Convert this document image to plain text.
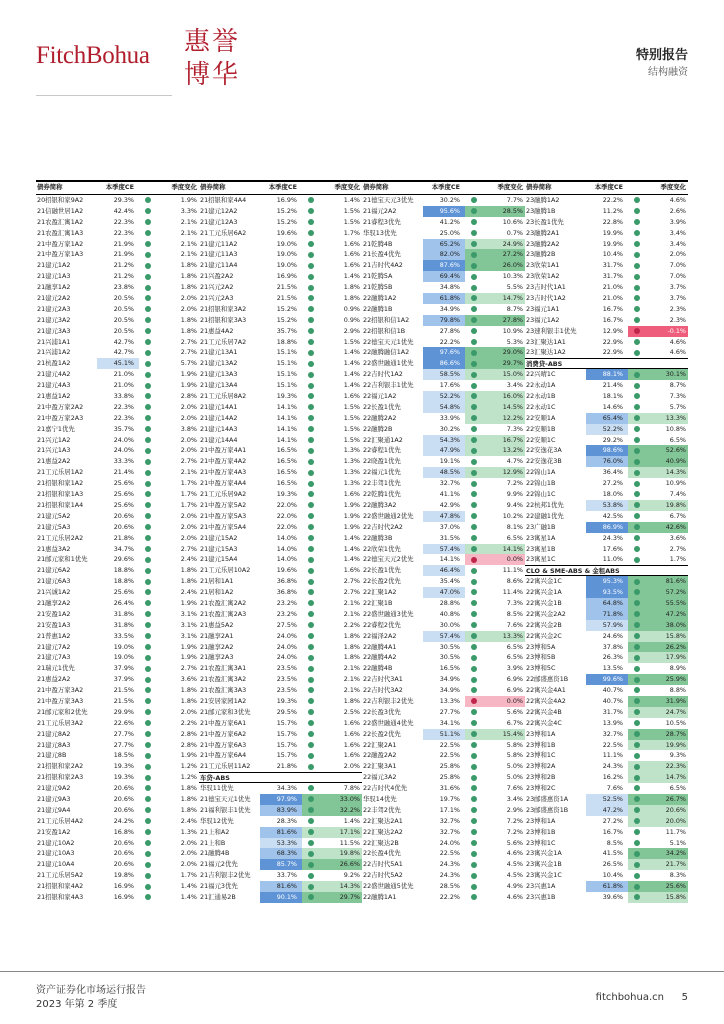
FitchBohua 惠誉
博华
特别报告
结构融资
债券简称	本季度CE	季度变化 债券简称	本季度CE	季度变化 债券简称	本季度CE	季度变化 债券简称	本季度CE	季度变化
20招银和家9A2	29.3%	1.9% 21招银和家4A4	16.9%	1.4% 21德宝天元3优先	30.2%	7.7% 23融腾1A2	22.2%	4.6%
21信融世居1A2	42.4%	3.3% 21建元12A2	15.2%	1.5% 21福元2A2	95.6%	28.5% 23融腾1B	11.2%	2.6%
21农盈汇寓1A2	22.3%	2.1% 21建元12A3	15.2%	1.5% 21睿程3优先	41.2%	10.6% 23长盈1优先	22.8%	3.9%
21农盈汇寓1A3	22.3%	2.1% 21工元乐居6A2	19.6%	1.7% 华驭13优先	25.0%	0.7% 23融腾2A1	19.9%	3.4%
21中盈万家1A2	21.9%	2.1% 21建元11A2	19.0%	1.6% 21乾腾4B	65.2%	24.9% 23融腾2A2	19.9%	3.4%
21中盈万家1A3	21.9%	2.1% 21建元11A3	19.0%	1.6% 21长盈4优先	82.0%	27.2% 23融腾2B	10.4%	2.0%
21建元1A2	21.2%	1.8% 21建元11A4	19.0%	1.6% 21吉时代4A2	87.6%	26.0% 23欣荣1A1	31.7%	7.0%
21建元1A3	21.2%	1.8% 21兴盈2A2	16.9%	1.4% 21乾腾5A	69.4%	10.3% 23欣荣1A2	31.7%	7.0%
21融享1A2	23.8%	1.8% 21兴元2A2	21.5%	1.8% 21乾腾5B	34.8%	5.5% 23吉时代1A1	21.0%	3.7%
21建元2A2	20.5%	2.0% 21兴元2A3	21.5%	1.8% 22融腾1A2	61.8%	14.7% 23吉时代1A2	21.0%	3.7%
21建元2A3	20.5%	2.0% 21招银和家3A2	15.2%	0.9% 22融腾1B	34.9%	8.7% 23福元1A1	16.7%	2.3%
21建元3A2	20.5%	1.8% 21招银和家3A3	15.2%	0.9% 22招银和信1A2	79.8%	27.8% 23福元1A2	16.7%	2.3%
21建元3A3	20.5%	1.8% 21惠益4A2	35.7%	2.9% 22招银和信1B	27.8%	10.9% 23速利银丰1优先	12.9%	-0.1%
21兴浦1A1	42.7%	2.7% 21工元乐居7A2	18.8%	1.5% 22德宝天元1优先	22.2%	5.3% 23汇聚达1A1	22.9%	4.6%
21兴浦1A2	42.7%	2.7% 21建元13A1	15.1%	1.4% 22融腾融信1A2	97.6%	29.0% 23汇聚达1A2	22.9%	4.6%
21杭盈1A2	45.1%	5.7% 21建元13A2	15.1%	1.4% 22盛世融通1优先	86.6%	29.7% 消费贷-ABS
21建元4A2	21.0%	1.9% 21建元13A3	15.1%	1.4% 22吉时代1A2	58.5%	15.0% 22兴晴1C	88.1%	30.1%
21建元4A3	21.0%	1.9% 21建元13A4	15.1%	1.4% 22吉利银丰1优先	17.6%	3.4% 22永动1A	21.4%	8.7%
21惠益1A2	33.8%	2.8% 21工元乐居8A2	19.3%	1.6% 22福元1A2	52.2%	16.0% 22永动1B	18.1%	7.3%
21中盈万家2A2	22.3%	2.0% 21建元14A1	14.1%	1.5% 22长盈1优先	54.8%	14.5% 22永动1C	14.6%	5.7%
21中盈万家2A3	22.3%	2.0% 21建元14A2	14.1%	1.5% 22融腾2A2	33.9%	12.2% 22安顺1A	65.4%	13.3%
21嘉宁1优先	35.7%	3.8% 21建元14A3	14.1%	1.5% 22融腾2B	30.2%	7.3% 22安顺1B	52.2%	10.8%
21兴元1A2	24.0%	2.0% 21建元14A4	14.1%	1.5% 22汇聚通1A2	54.3%	16.7% 22安顺1C	29.2%	6.5%
21兴元1A3	24.0%	2.0% 21中盈万家4A1	16.5%	1.3% 22睿程1优先	47.9%	13.2% 22安逸花3A	98.6%	52.6%
21惠益2A2	33.3%	2.7% 21中盈万家4A2	16.5%	1.3% 22晓盈1优先	19.1%	4.7% 22安逸花3B	76.0%	40.9%
21工元乐居1A2	21.4%	2.1% 21中盈万家4A3	16.5%	1.3% 22福元1优先	48.5%	12.9% 22锦山1A	36.4%	14.3%
21招银和家1A2	25.6%	1.7% 21中盈万家4A4	16.5%	1.3% 22丰驾1优先	32.7%	7.2% 22锦山1B	27.2%	10.9%
21招银和家1A3	25.6%	1.7% 21工元乐居9A2	19.3%	1.6% 22乾腾1优先	41.1%	9.9% 22锦山1C	18.0%	7.4%
21招银和家1A4	25.6%	1.7% 21中盈万家5A2	22.0%	1.9% 22融腾3A2	42.9%	9.4% 22杭邦1优先	53.8%	19.8%
21建元5A2	20.6%	2.0% 21中盈万家5A3	22.0%	1.9% 22盛世融通2优先	47.8%	10.2% 22建融1优先	42.5%	6.7%
21建元5A3	20.6%	2.0% 21中盈万家5A4	22.0%	1.9% 22吉时代2A2	37.0%	8.1% 23广融1B	86.9%	42.6%
21工元乐居2A2	21.8%	2.0% 21建元15A2	14.0%	1.4% 22融腾3B	31.5%	6.5% 23寓星1A	24.3%	3.6%
21惠益3A2	34.7%	2.7% 21建元15A3	14.0%	1.4% 22欣荣1优先	57.4%	14.1% 23寓星1B	17.6%	2.7%
21邮元家和1优先	29.6%	2.4% 21建元15A4	14.0%	1.4% 22德宝天元2优先	14.1%	0.0% 23寓星1C	11.0%	1.7%
21建元6A2	18.8%	1.8% 21工元乐居10A2	19.6%	1.6% 22长盈1优先	46.4%	11.1% CLO & SME-ABS & 金租ABS
21建元6A3	18.8%	1.8% 21居和1A1	36.8%	2.7% 22长盈2优先	35.4%	8.6% 22寓兴金1C	95.3%	81.6%
21兴诚1A2	25.6%	2.4% 21居和1A2	36.8%	2.7% 22汇聚1A2	47.0%	11.4% 22寓兴金1A	93.5%	57.2%
21融享2A2	26.4%	1.9% 21农盈汇寓2A2	23.2%	2.1% 22汇聚1B	28.8%	7.3% 22寓兴金1B	64.8%	55.5%
21安盈1A2	31.8%	3.1% 21农盈汇寓2A3	23.2%	2.1% 22盛世融通3优先	40.8%	8.5% 22寓兴金2A2	71.8%	47.2%
21安盈1A3	31.8%	3.1% 21惠益5A2	27.5%	2.2% 22睿程2优先	30.0%	7.6% 22寓兴金2B	57.9%	38.0%
21普惠1A2	33.5%	3.1% 21融享2A1	24.0%	1.8% 22福泽2A2	57.4%	13.3% 22寓兴金2C	24.6%	15.8%
21建元7A2	19.0%	1.9% 21融享2A2	24.0%	1.8% 22融腾4A1	30.5%	6.5% 23博和5A	37.8%	26.2%
21建元7A3	19.0%	1.9% 21融享2A3	24.0%	1.8% 22融腾4A2	30.5%	6.5% 23博和5B	26.3%	17.9%
21瑞元1优先	37.9%	2.7% 21农盈汇寓3A1	23.5%	2.1% 22融腾4B	16.5%	3.9% 23博和5C	13.5%	8.9%
21惠益2A2	37.9%	3.6% 21农盈汇寓3A2	23.5%	2.1% 22吉时代3A1	34.9%	6.9% 22邮盛惠资1B	99.6%	25.9%
21中盈万家3A2	21.5%	1.8% 21农盈汇寓3A3	23.5%	2.1% 22吉时代3A2	34.9%	6.9% 22寓兴金4A1	40.7%	8.8%
21中盈万家3A3	21.5%	1.8% 21安居家园1A2	19.3%	1.8% 22吉利银丰2优先	13.3%	0.0% 22寓兴金4A2	40.7%	31.9%
21邮元家和2优先	29.9%	2.0% 21邮元家和3优先	29.5%	2.5% 22长盈3优先	27.7%	5.6% 22寓兴金4B	31.7%	24.7%
21工元乐居3A2	22.6%	2.2% 21中盈万家6A1	15.7%	1.6% 22盛世融通4优先	34.1%	6.7% 22寓兴金4C	13.9%	10.5%
21建元8A2	27.7%	2.8% 21中盈万家6A2	15.7%	1.6% 22长盈2优先	51.1%	15.4% 23博和1A	32.7%	28.7%
21建元8A3	27.7%	2.8% 21中盈万家6A3	15.7%	1.6% 22汇聚2A1	22.5%	5.8% 23博和1B	22.5%	19.9%
21建元8B	18.5%	1.9% 21中盈万家6A4	15.7%	1.6% 22融盈2A2	22.5%	5.8% 23博和1C	11.1%	9.3%
21招银和家2A2	19.3%	1.2% 21工元乐居11A2	21.8%	2.0% 22汇聚3A1	25.8%	5.0% 23博和2A	24.3%	22.3%
21招银和家2A3	19.3%	1.2% 车贷-ABS	22福元3A2	25.8%	5.0% 23博和2B	16.2%	14.7%
21建元9A2	20.6%	1.8% 华驭11优先	34.3%	7.8% 22吉时代4优先	31.6%	7.6% 23博和2C	7.6%	6.5%
21建元9A3	20.6%	1.8% 21德宝天元1优先	97.9%	33.0% 华驭14优先	19.7%	3.4% 23邮盛惠资1A	52.5%	26.7%
21建元9A4	20.6%	1.8% 21福利银丰1优先	83.9%	32.2% 22丰驾2优先	17.1%	2.9% 23邮盛惠资1B	47.2%	20.6%
21工元乐居4A2	24.2%	2.4% 华驭12优先	28.3%	1.4% 22汇聚达2A1	32.7%	7.2% 23博和1A	27.2%	20.0%
21安盈1A2	16.8%	1.3% 21上和A2	81.6%	17.1% 22汇聚达2A2	32.7%	7.2% 23博和1B	16.7%	11.7%
21建元10A2	20.6%	2.0% 21上和B	53.3%	11.5% 22汇聚达2B	24.0%	5.6% 23博和1C	8.5%	5.1%
21建元10A3	20.6%	2.0% 21融腾4B	68.3%	19.8% 22长盈4优先	22.5%	4.6% 23寓兴金1A	41.5%	34.2%
21建元10A4	20.6%	2.0% 21福元2优先	85.7%	26.6% 22吉时代5A1	24.3%	4.5% 23寓兴金1B	26.5%	21.7%
21工元乐居5A2	19.8%	1.7% 21吉利银丰2优先	33.7%	9.2% 22吉时代5A2	24.3%	4.5% 23寓兴金1C	10.4%	8.3%
21招银和家4A2	16.9%	1.4% 21福元3优先	81.6%	14.3% 22盛世融通5优先	28.5%	4.9% 23兴惠1A	61.8%	25.6%
21招银和家4A3	16.9%	1.4% 21汇通易2B	90.1%	29.7% 22融腾1A1	22.2%	4.6% 23兴惠1B	39.6%	15.8%
资产证券化市场运行报告
2023 年第 2 季度
fitchbohua.cn 5
